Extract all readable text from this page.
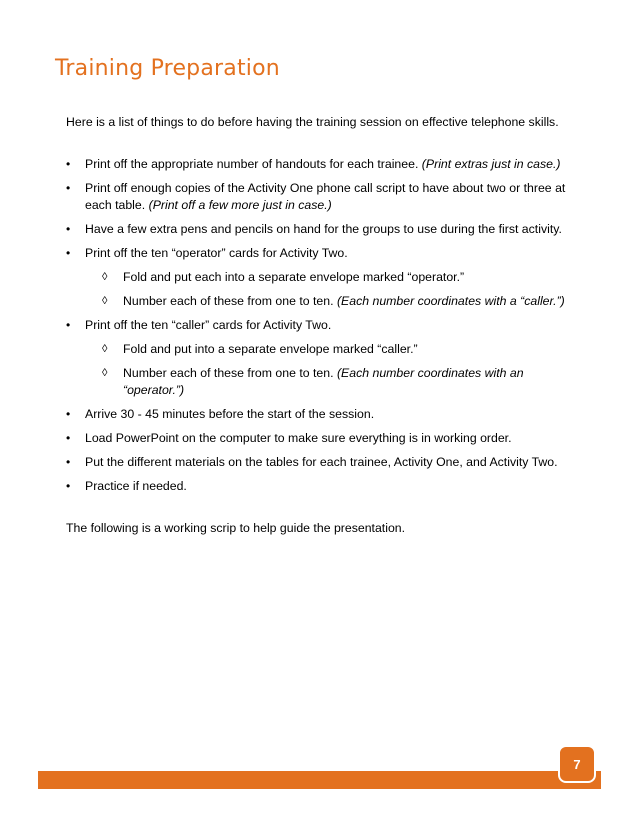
Training Preparation

Here is a list of things to do before having the training session on effective telephone skills.

• Print off the appropriate number of handouts for each trainee. (Print extras just in case.)
• Print off enough copies of the Activity One phone call script to have about two or three at each table. (Print off a few more just in case.)
• Have a few extra pens and pencils on hand for the groups to use during the first activity.
• Print off the ten “operator” cards for Activity Two.
◊ Fold and put each into a separate envelope marked “operator.”
◊ Number each of these from one to ten. (Each number coordinates with a “caller.”)
• Print off the ten “caller” cards for Activity Two.
◊ Fold and put into a separate envelope marked “caller.”
◊ Number each of these from one to ten. (Each number coordinates with an “operator.”)
• Arrive 30 - 45 minutes before the start of the session.
• Load PowerPoint on the computer to make sure everything is in working order.
• Put the different materials on the tables for each trainee, Activity One, and Activity Two.
• Practice if needed.

The following is a working scrip to help guide the presentation.

7
